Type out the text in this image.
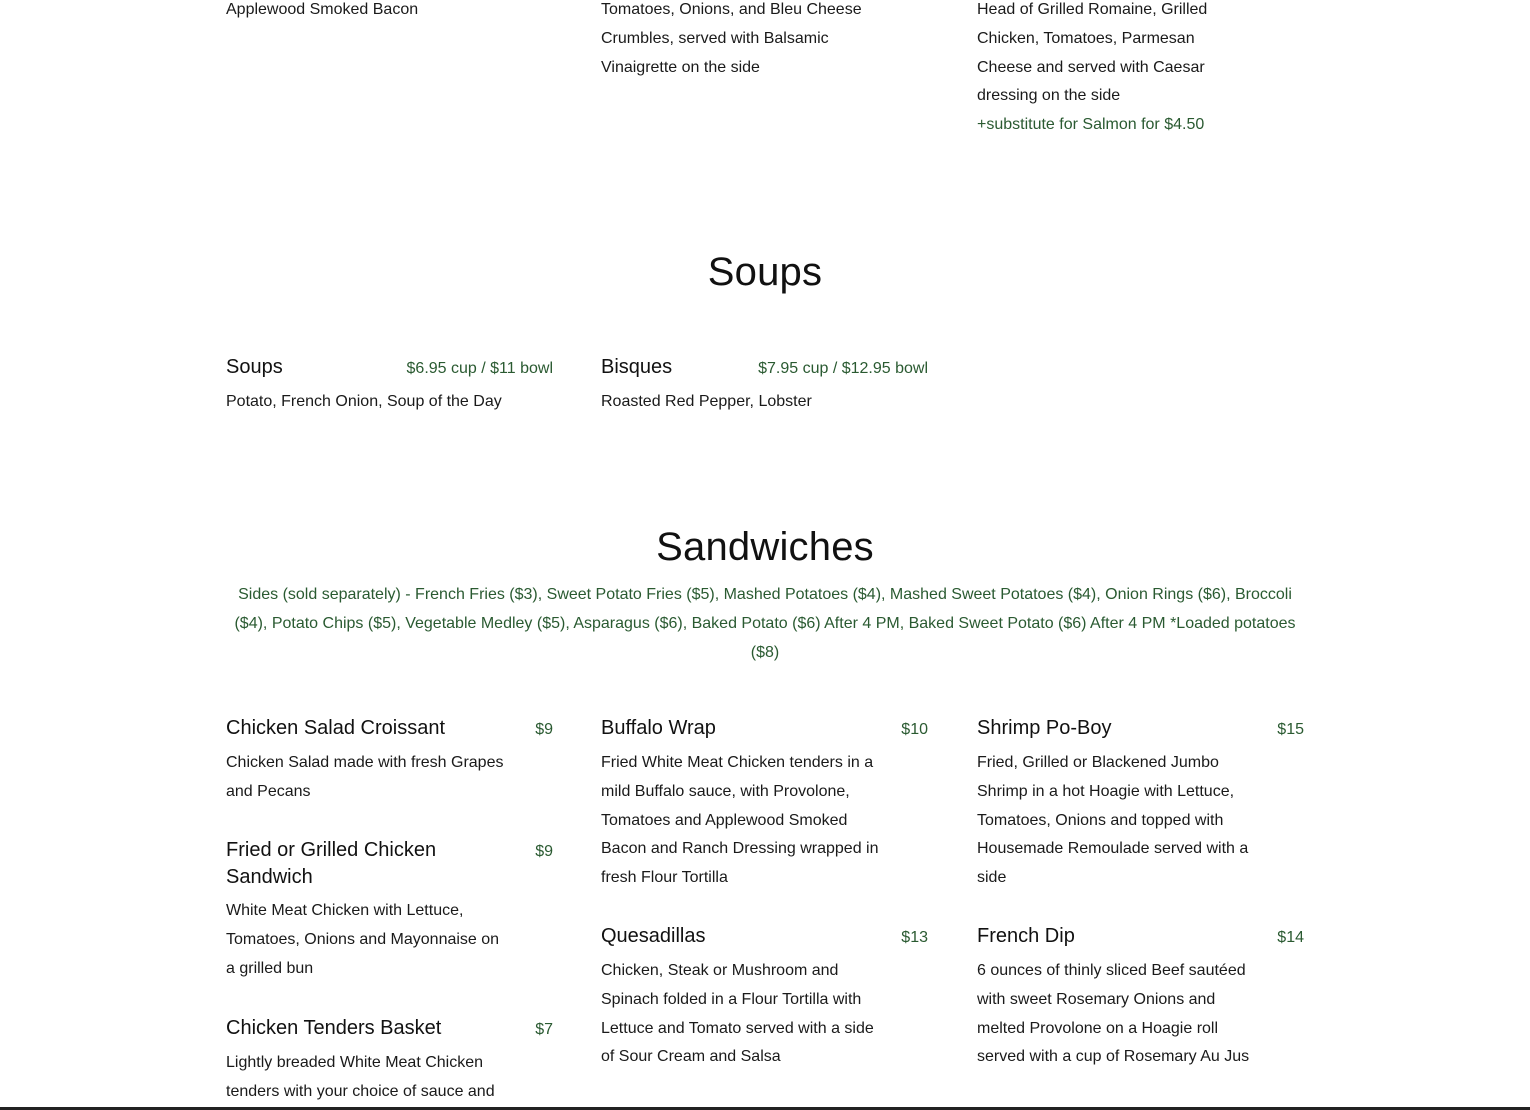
Applewood Smoked Bacon	Tomatoes, Onions, and Bleu Cheese Crumbles, served with Balsamic Vinaigrette on the side

Head of Grilled Romaine, Grilled Chicken, Tomatoes, Parmesan Cheese and served with Caesar dressing on the side

+substitute for Salmon for $4.50
Soups
Soups	$6.95 cup / $11 bowl

Potato, French Onion, Soup of the Day

Bisques	$7.95 cup / $12.95 bowl

Roasted Red Pepper, Lobster

Sandwiches
Sides (sold separately) - French Fries ($3), Sweet Potato Fries ($5), Mashed Potatoes ($4), Mashed Sweet Potatoes ($4), Onion Rings ($6), Broccoli ($4), Potato Chips ($5), Vegetable Medley ($5), Asparagus ($6), Baked Potato ($6) After 4 PM, Baked Sweet Potato ($6) After 4 PM *Loaded potatoes ($8)
Chicken Salad Croissant	$9

Chicken Salad made with fresh Grapes and Pecans

Buffalo Wrap	$10

Fried White Meat Chicken tenders in a mild Buffalo sauce, with Provolone, Tomatoes and Applewood Smoked Bacon and Ranch Dressing wrapped in fresh Flour Tortilla

Shrimp Po-Boy	$15

Fried, Grilled or Blackened Jumbo Shrimp in a hot Hoagie with Lettuce, Tomatoes, Onions and topped with Housemade Remoulade served with a side

Fried or Grilled Chicken Sandwich
$9

White Meat Chicken with Lettuce, Tomatoes, Onions and Mayonnaise on a grilled bun

Quesadillas	$13

Chicken, Steak or Mushroom and Spinach folded in a Flour Tortilla with Lettuce and Tomato served with a side of Sour Cream and Salsa

French Dip	$14

6 ounces of thinly sliced Beef sautéed with sweet Rosemary Onions and melted Provolone on a Hoagie roll served with a cup of Rosemary Au Jus

Chicken Tenders Basket	$7

Lightly breaded White Meat Chicken tenders with your choice of sauce and
